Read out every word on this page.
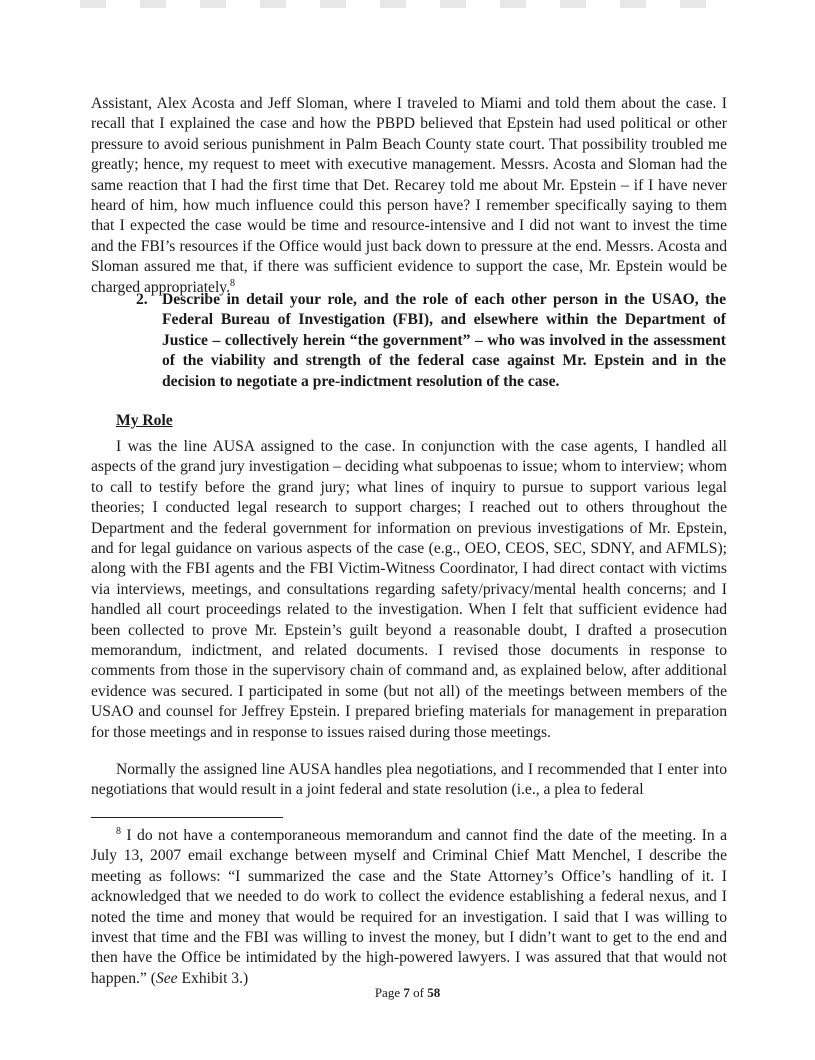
Assistant, Alex Acosta and Jeff Sloman, where I traveled to Miami and told them about the case. I recall that I explained the case and how the PBPD believed that Epstein had used political or other pressure to avoid serious punishment in Palm Beach County state court. That possibility troubled me greatly; hence, my request to meet with executive management. Messrs. Acosta and Sloman had the same reaction that I had the first time that Det. Recarey told me about Mr. Epstein – if I have never heard of him, how much influence could this person have? I remember specifically saying to them that I expected the case would be time and resource-intensive and I did not want to invest the time and the FBI’s resources if the Office would just back down to pressure at the end. Messrs. Acosta and Sloman assured me that, if there was sufficient evidence to support the case, Mr. Epstein would be charged appropriately.$^8$

2. Describe in detail your role, and the role of each other person in the USAO, the Federal Bureau of Investigation (FBI), and elsewhere within the Department of Justice – collectively herein “the government” – who was involved in the assessment of the viability and strength of the federal case against Mr. Epstein and in the decision to negotiate a pre-indictment resolution of the case.
My Role

I was the line AUSA assigned to the case. In conjunction with the case agents, I handled all aspects of the grand jury investigation – deciding what subpoenas to issue; whom to interview; whom to call to testify before the grand jury; what lines of inquiry to pursue to support various legal theories; I conducted legal research to support charges; I reached out to others throughout the Department and the federal government for information on previous investigations of Mr. Epstein, and for legal guidance on various aspects of the case (e.g., OEO, CEOS, SEC, SDNY, and AFMLS); along with the FBI agents and the FBI Victim-Witness Coordinator, I had direct contact with victims via interviews, meetings, and consultations regarding safety/privacy/mental health concerns; and I handled all court proceedings related to the investigation. When I felt that sufficient evidence had been collected to prove Mr. Epstein’s guilt beyond a reasonable doubt, I drafted a prosecution memorandum, indictment, and related documents. I revised those documents in response to comments from those in the supervisory chain of command and, as explained below, after additional evidence was secured. I participated in some (but not all) of the meetings between members of the USAO and counsel for Jeffrey Epstein. I prepared briefing materials for management in preparation for those meetings and in response to issues raised during those meetings.

Normally the assigned line AUSA handles plea negotiations, and I recommended that I enter into negotiations that would result in a joint federal and state resolution (i.e., a plea to federal

$^8$ I do not have a contemporaneous memorandum and cannot find the date of the meeting. In a July 13, 2007 email exchange between myself and Criminal Chief Matt Menchel, I describe the meeting as follows: “I summarized the case and the State Attorney’s Office’s handling of it. I acknowledged that we needed to do work to collect the evidence establishing a federal nexus, and I noted the time and money that would be required for an investigation. I said that I was willing to invest that time and the FBI was willing to invest the money, but I didn’t want to get to the end and then have the Office be intimidated by the high-powered lawyers. I was assured that that would not happen.” (See Exhibit 3.)

Page 7 of 58
